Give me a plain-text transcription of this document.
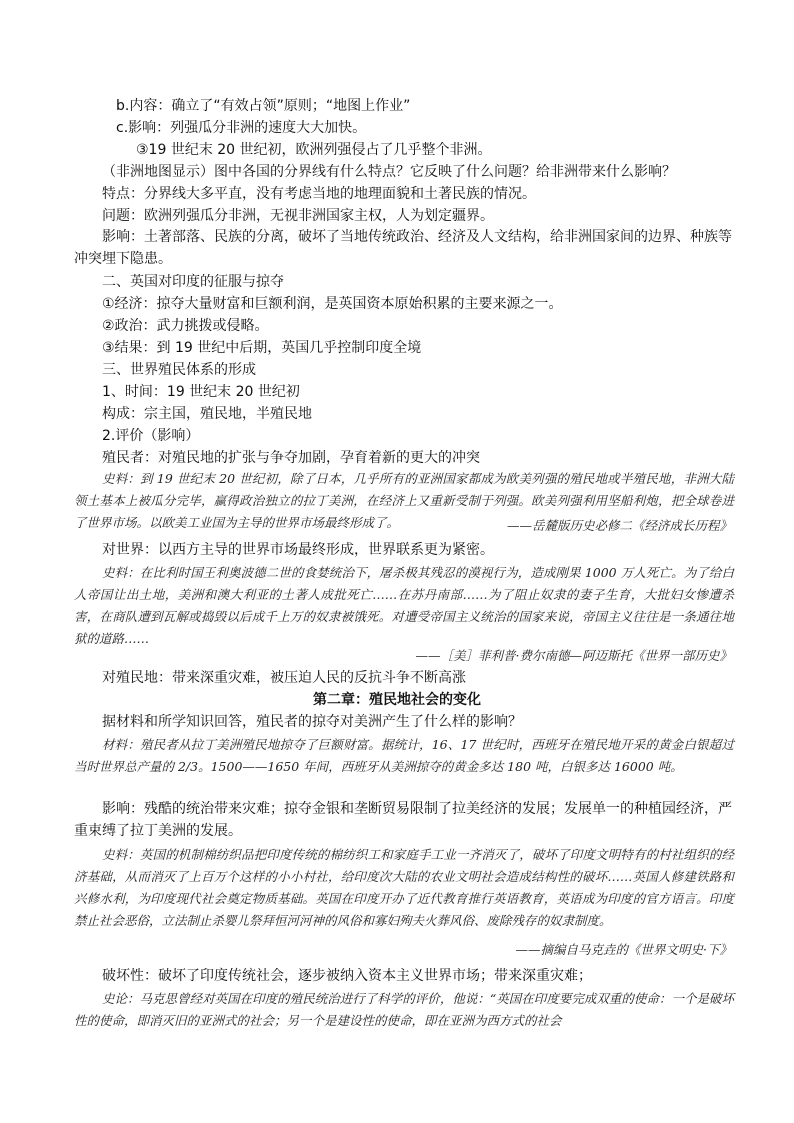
b.内容：确立了“有效占领”原则；“地图上作业”
c.影响：列强瓜分非洲的速度大大加快。
③19 世纪末 20 世纪初，欧洲列强侵占了几乎整个非洲。
（非洲地图显示）图中各国的分界线有什么特点？它反映了什么问题？给非洲带来什么影响？
特点：分界线大多平直，没有考虑当地的地理面貌和土著民族的情况。
问题：欧洲列强瓜分非洲，无视非洲国家主权，人为划定疆界。
影响：土著部落、民族的分离，破坏了当地传统政治、经济及人文结构，给非洲国家间的边界、种族等冲突埋下隐患。
二、英国对印度的征服与掠夺
①经济：掠夺大量财富和巨额利润，是英国资本原始积累的主要来源之一。
②政治：武力挑拨或侵略。
③结果：到 19 世纪中后期，英国几乎控制印度全境
三、世界殖民体系的形成
1、时间：19 世纪末 20 世纪初
构成：宗主国，殖民地，半殖民地
2.评价（影响）
殖民者：对殖民地的扩张与争夺加剧，孕育着新的更大的冲突
史料：到 19 世纪末 20 世纪初，除了日本，几乎所有的亚洲国家都成为欧美列强的殖民地或半殖民地，非洲大陆领土基本上被瓜分完毕，赢得政治独立的拉丁美洲，在经济上又重新受制于列强。欧美列强利用坚船利炮，把全球卷进了世界市场。以欧美工业国为主导的世界市场最终形成了。	——岳麓版历史必修二《经济成长历程》
对世界：以西方主导的世界市场最终形成，世界联系更为紧密。
史料：在比利时国王利奥波德二世的食婪统治下，屠杀极其残忍的漠视行为，造成刚果 1000 万人死亡。为了给白人帝国让出土地，美洲和澳大利亚的土著人成批死亡……在苏丹南部……为了阻止奴隶的妻子生育，大批妇女惨遭杀害，在商队遭到瓦解或捣毁以后成千上万的奴隶被饿死。对遭受帝国主义统治的国家来说，帝国主义往往是一条通往地狱的道路……
——［美］菲利普·费尔南德—阿迈斯托《世界一部历史》
对殖民地：带来深重灾难，被压迫人民的反抗斗争不断高涨
第二章：殖民地社会的变化
据材料和所学知识回答，殖民者的掠夺对美洲产生了什么样的影响？
材料：殖民者从拉丁美洲殖民地掠夺了巨额财富。据统计，16、17 世纪时，西班牙在殖民地开采的黄金白银超过当时世界总产量的 2/3。1500——1650 年间，西班牙从美洲掠夺的黄金多达 180 吨，白银多达 16000 吨。
影响：残酷的统治带来灾难；掠夺金银和垄断贸易限制了拉美经济的发展；发展单一的种植园经济，严重束缚了拉丁美洲的发展。
史料：英国的机制棉纺织品把印度传统的棉纺织工和家庭手工业一齐消灭了，破坏了印度文明特有的村社组织的经济基础，从而消灭了上百万个这样的小小村社，给印度次大陆的农业文明社会造成结构性的破坏……英国人修建铁路和兴修水利，为印度现代社会奠定物质基础。英国在印度开办了近代教育推行英语教育，英语成为印度的官方语言。印度禁止社会恶俗，立法制止杀婴儿祭拜恒河河神的风俗和寡妇殉夫火葬风俗、废除残存的奴隶制度。
——摘编自马克垚的《世界文明史·下》
破坏性：破坏了印度传统社会，逐步被纳入资本主义世界市场；带来深重灾难；
史论：马克思曾经对英国在印度的殖民统治进行了科学的评价，他说：“英国在印度要完成双重的使命：一个是破坏性的使命，即消灭旧的亚洲式的社会；另一个是建设性的使命，即在亚洲为西方式的社会
